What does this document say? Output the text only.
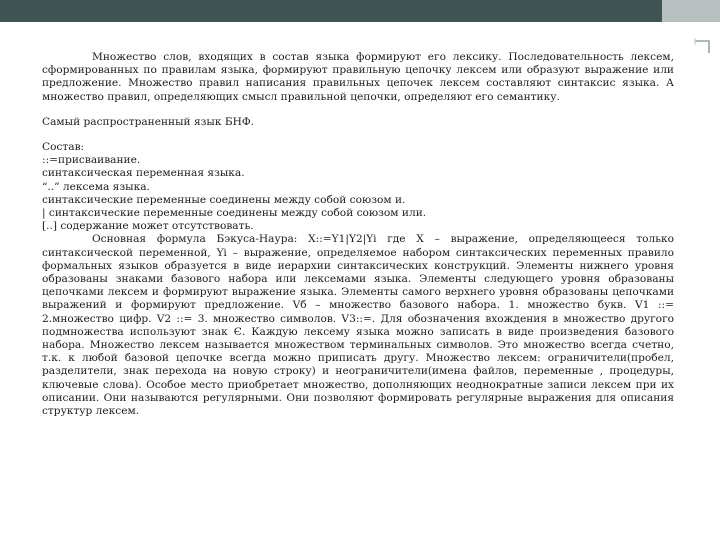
Множество слов, входящих в состав языка формируют его лексику. Последовательность лексем, сформированных по правилам языка, формируют правильную цепочку лексем или образуют выражение или предложение. Множество правил написания правильных цепочек лексем составляют синтаксис языка. А множество правил, определяющих смысл правильной цепочки, определяют его семантику.

Самый распространенный язык БНФ.

Состав:

::=присваивание.

синтаксическая переменная языка.

“..” лексема языка.

синтаксические переменные соединены между собой союзом и.

| синтаксические переменные соединены между собой союзом или.

[..] содержание может отсутствовать.

Основная формула Бэкуса-Наура: X::=Y1|Y2|Yi где X – выражение, определяющееся только синтаксической переменной, Yi – выражение, определяемое набором синтаксических переменных правило формальных языков образуется в виде иерархии синтаксических конструкций. Элементы нижнего уровня образованы знаками базового набора или лексемами языка. Элементы следующего уровня образованы цепочками лексем и формируют выражение языка. Элементы самого верхнего уровня образованы цепочками выражений и формируют предложение. Vб – множество базового набора. 1. множество букв. V1 ::= 2.множество цифр. V2 ::= 3. множество символов. V3::=. Для обозначения вхождения в множество другого подмножества используют знак Є. Каждую лексему языка можно записать в виде произведения базового набора. Множество лексем называется множеством терминальных символов. Это множество всегда счетно, т.к. к любой базовой цепочке всегда можно приписать другу. Множество лексем: ограничители(пробел, разделители, знак перехода на новую строку) и неограничители(имена файлов, переменные , процедуры, ключевые слова). Особое место приобретает множество, дополняющих неоднократные записи лексем при их описании. Они называются регулярными. Они позволяют формировать регулярные выражения для описания структур лексем.
